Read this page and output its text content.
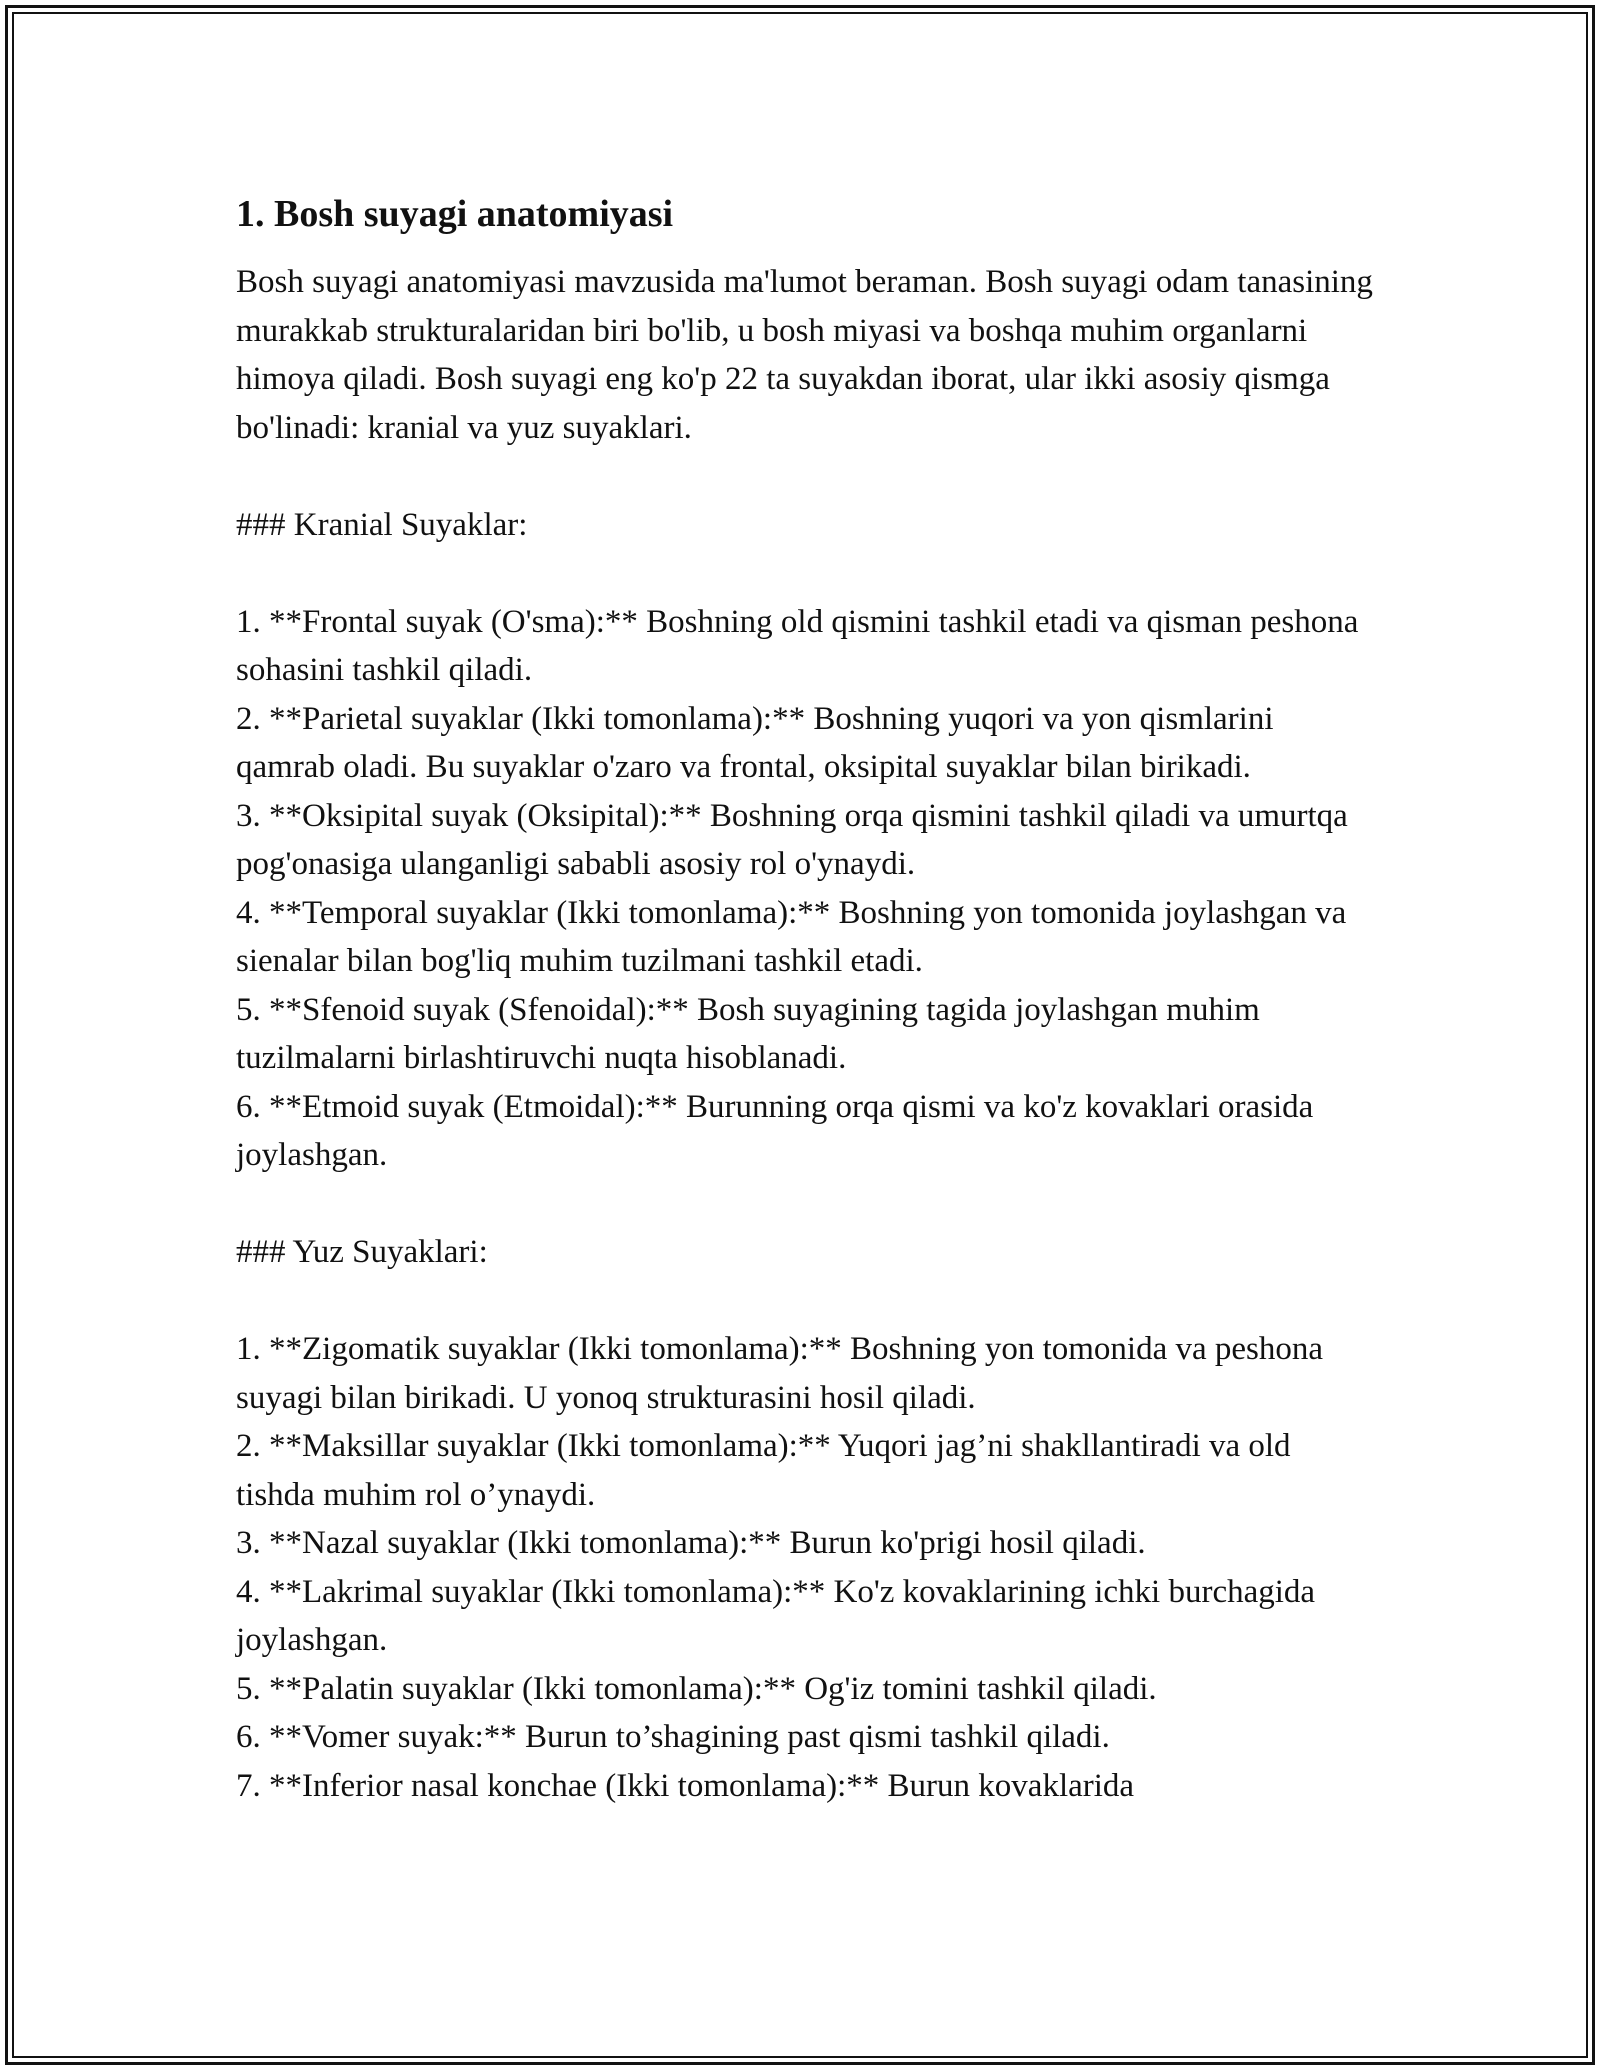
1. Bosh suyagi anatomiyasi

Bosh suyagi anatomiyasi mavzusida ma'lumot beraman. Bosh suyagi odam tanasining murakkab strukturalaridan biri bo'lib, u bosh miyasi va boshqa muhim organlarni himoya qiladi. Bosh suyagi eng ko'p 22 ta suyakdan iborat, ular ikki asosiy qismga bo'linadi: kranial va yuz suyaklari.

### Kranial Suyaklar:

1. **Frontal suyak (O'sma):** Boshning old qismini tashkil etadi va qisman peshona sohasini tashkil qiladi.

2. **Parietal suyaklar (Ikki tomonlama):** Boshning yuqori va yon qismlarini qamrab oladi. Bu suyaklar o'zaro va frontal, oksipital suyaklar bilan birikadi.

3. **Oksipital suyak (Oksipital):** Boshning orqa qismini tashkil qiladi va umurtqa pog'onasiga ulanganligi sababli asosiy rol o'ynaydi.

4. **Temporal suyaklar (Ikki tomonlama):** Boshning yon tomonida joylashgan va sienalar bilan bog'liq muhim tuzilmani tashkil etadi.

5. **Sfenoid suyak (Sfenoidal):** Bosh suyagining tagida joylashgan muhim tuzilmalarni birlashtiruvchi nuqta hisoblanadi.

6. **Etmoid suyak (Etmoidal):** Burunning orqa qismi va ko'z kovaklari orasida joylashgan.

### Yuz Suyaklari:

1. **Zigomatik suyaklar (Ikki tomonlama):** Boshning yon tomonida va peshona suyagi bilan birikadi. U yonoq strukturasini hosil qiladi.

2. **Maksillar suyaklar (Ikki tomonlama):** Yuqori jag’ni shakllantiradi va old tishda muhim rol o’ynaydi.

3. **Nazal suyaklar (Ikki tomonlama):** Burun ko'prigi hosil qiladi.

4. **Lakrimal suyaklar (Ikki tomonlama):** Ko'z kovaklarining ichki burchagida joylashgan.

5. **Palatin suyaklar (Ikki tomonlama):** Og'iz tomini tashkil qiladi.

6. **Vomer suyak:** Burun to’shagining past qismi tashkil qiladi.

7. **Inferior nasal konchae (Ikki tomonlama):** Burun kovaklarida
